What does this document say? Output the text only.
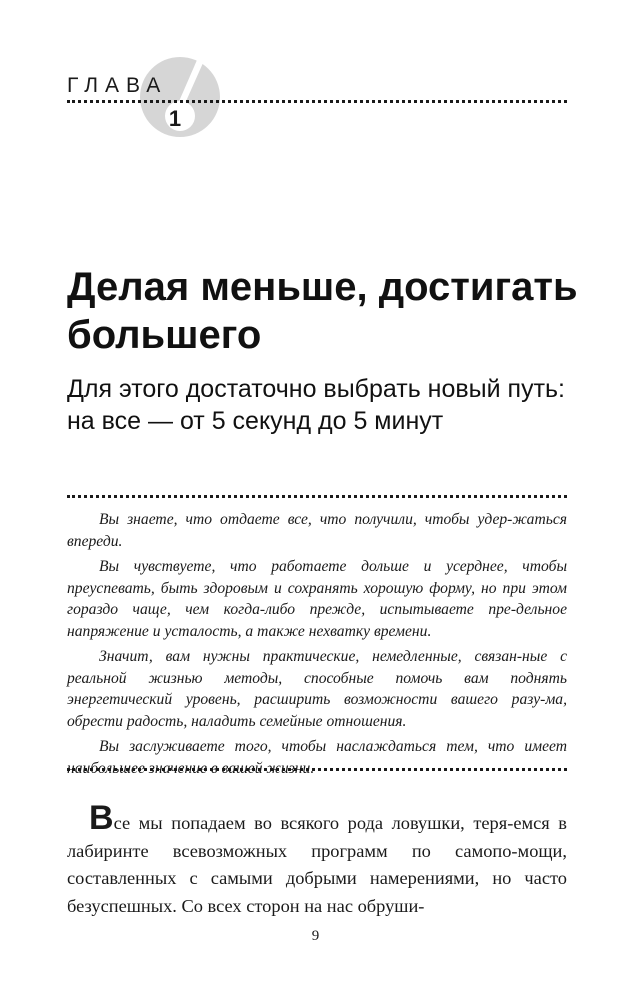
ГЛАВА
1
Делая меньше, достигать большего

Для этого достаточно выбрать новый путь: на все — от 5 секунд до 5 минут

Вы знаете, что отдаете все, что получили, чтобы удер-жаться впереди.

Вы чувствуете, что работаете дольше и усерднее, чтобы преуспевать, быть здоровым и сохранять хорошую форму, но при этом гораздо чаще, чем когда-либо прежде, испытываете пре-дельное напряжение и усталость, а также нехватку времени.

Значит, вам нужны практические, немедленные, связан-ные с реальной жизнью методы, способные помочь вам поднять энергетический уровень, расширить возможности вашего разу-ма, обрести радость, наладить семейные отношения.

Вы заслуживаете того, чтобы наслаждаться тем, что имеет наибольшее значение в вашей жизни.

Все мы попадаем во всякого рода ловушки, теря-емся в лабиринте всевозможных программ по самопо-мощи, составленных с самыми добрыми намерениями, но часто безуспешных. Со всех сторон на нас обруши-

9
